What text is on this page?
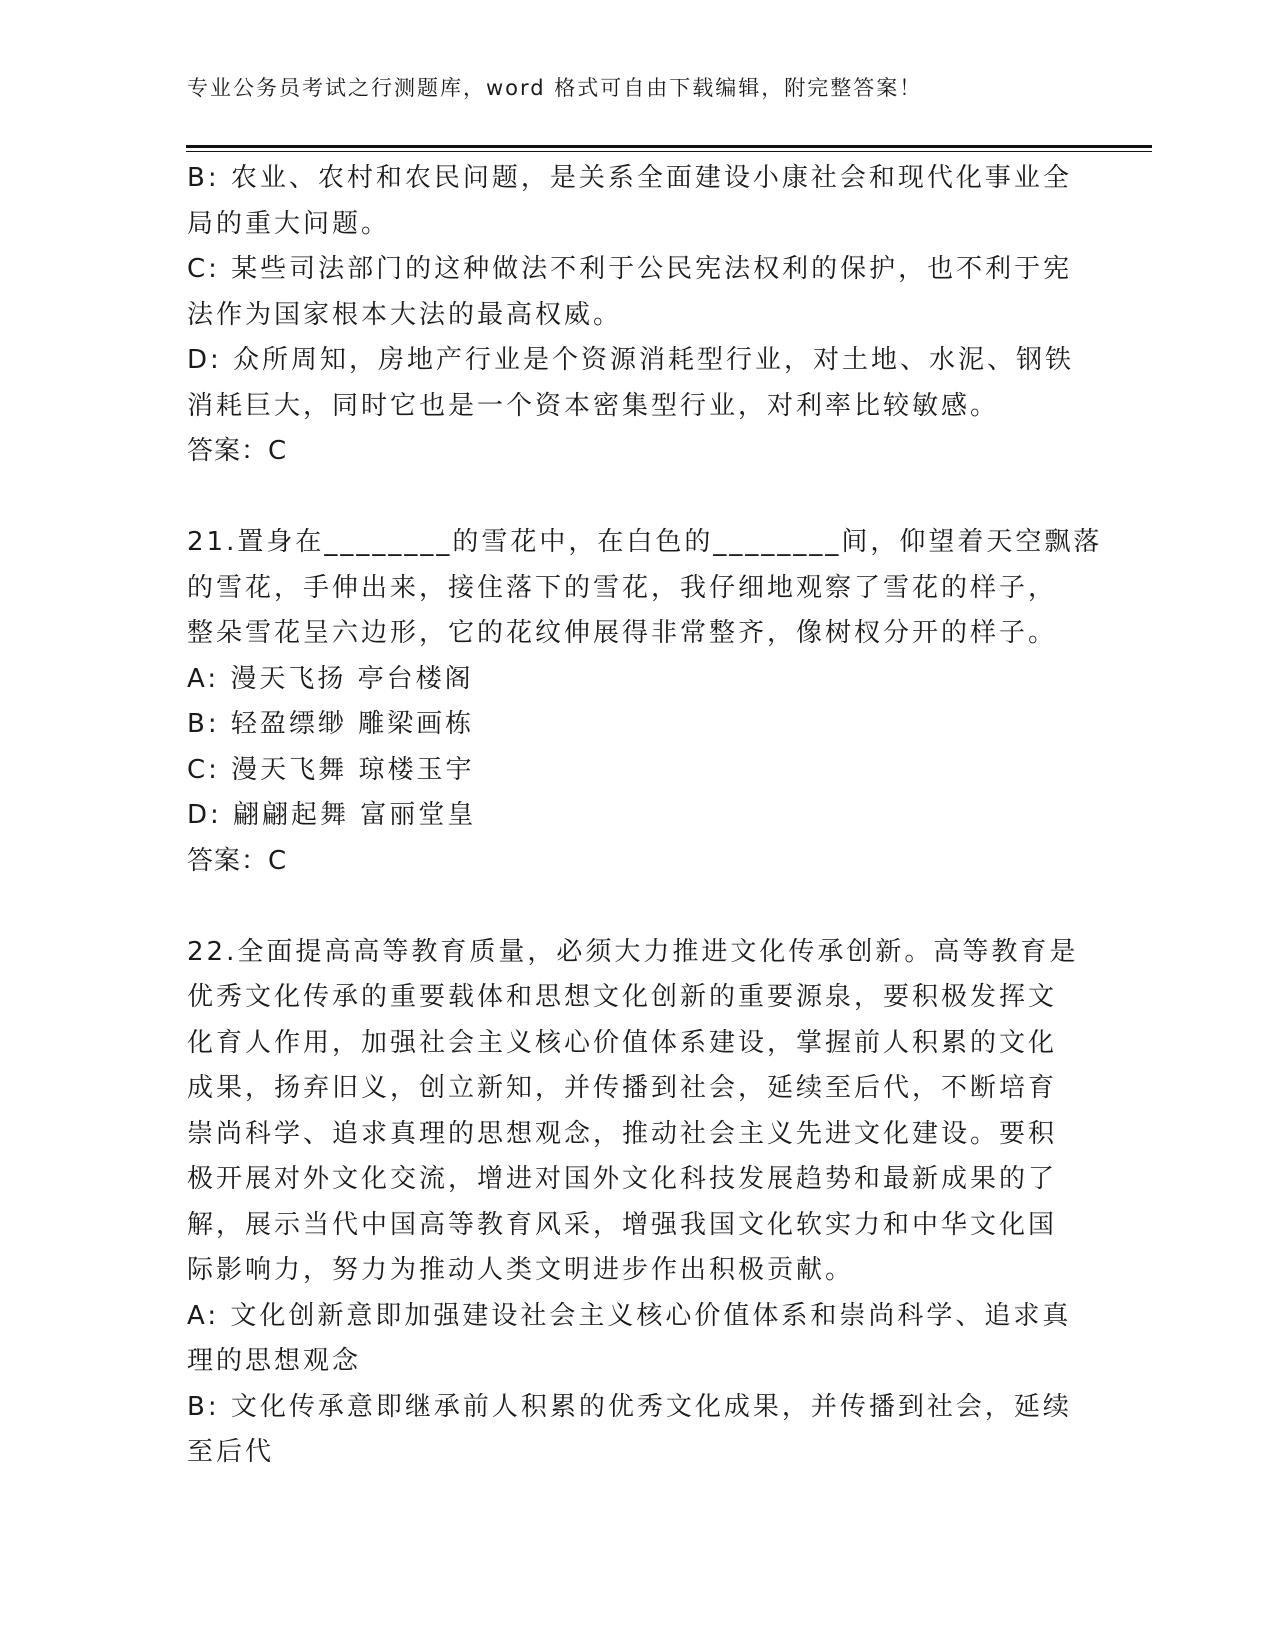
专业公务员考试之行测题库，word 格式可自由下载编辑，附完整答案！
B: 农业、农村和农民问题，是关系全面建设小康社会和现代化事业全
局的重大问题。
C: 某些司法部门的这种做法不利于公民宪法权利的保护，也不利于宪
法作为国家根本大法的最高权威。
D: 众所周知，房地产行业是个资源消耗型行业，对土地、水泥、钢铁
消耗巨大，同时它也是一个资本密集型行业，对利率比较敏感。
答案：C
21.置身在________的雪花中，在白色的________间，仰望着天空飘落
的雪花，手伸出来，接住落下的雪花，我仔细地观察了雪花的样子，
整朵雪花呈六边形，它的花纹伸展得非常整齐，像树杈分开的样子。
A: 漫天飞扬 亭台楼阁
B: 轻盈缥缈 雕梁画栋
C: 漫天飞舞 琼楼玉宇
D: 翩翩起舞 富丽堂皇
答案：C
22.全面提高高等教育质量，必须大力推进文化传承创新。高等教育是
优秀文化传承的重要载体和思想文化创新的重要源泉，要积极发挥文
化育人作用，加强社会主义核心价值体系建设，掌握前人积累的文化
成果，扬弃旧义，创立新知，并传播到社会，延续至后代，不断培育
崇尚科学、追求真理的思想观念，推动社会主义先进文化建设。要积
极开展对外文化交流，增进对国外文化科技发展趋势和最新成果的了
解，展示当代中国高等教育风采，增强我国文化软实力和中华文化国
际影响力，努力为推动人类文明进步作出积极贡献。
A: 文化创新意即加强建设社会主义核心价值体系和崇尚科学、追求真
理的思想观念
B: 文化传承意即继承前人积累的优秀文化成果，并传播到社会，延续
至后代
